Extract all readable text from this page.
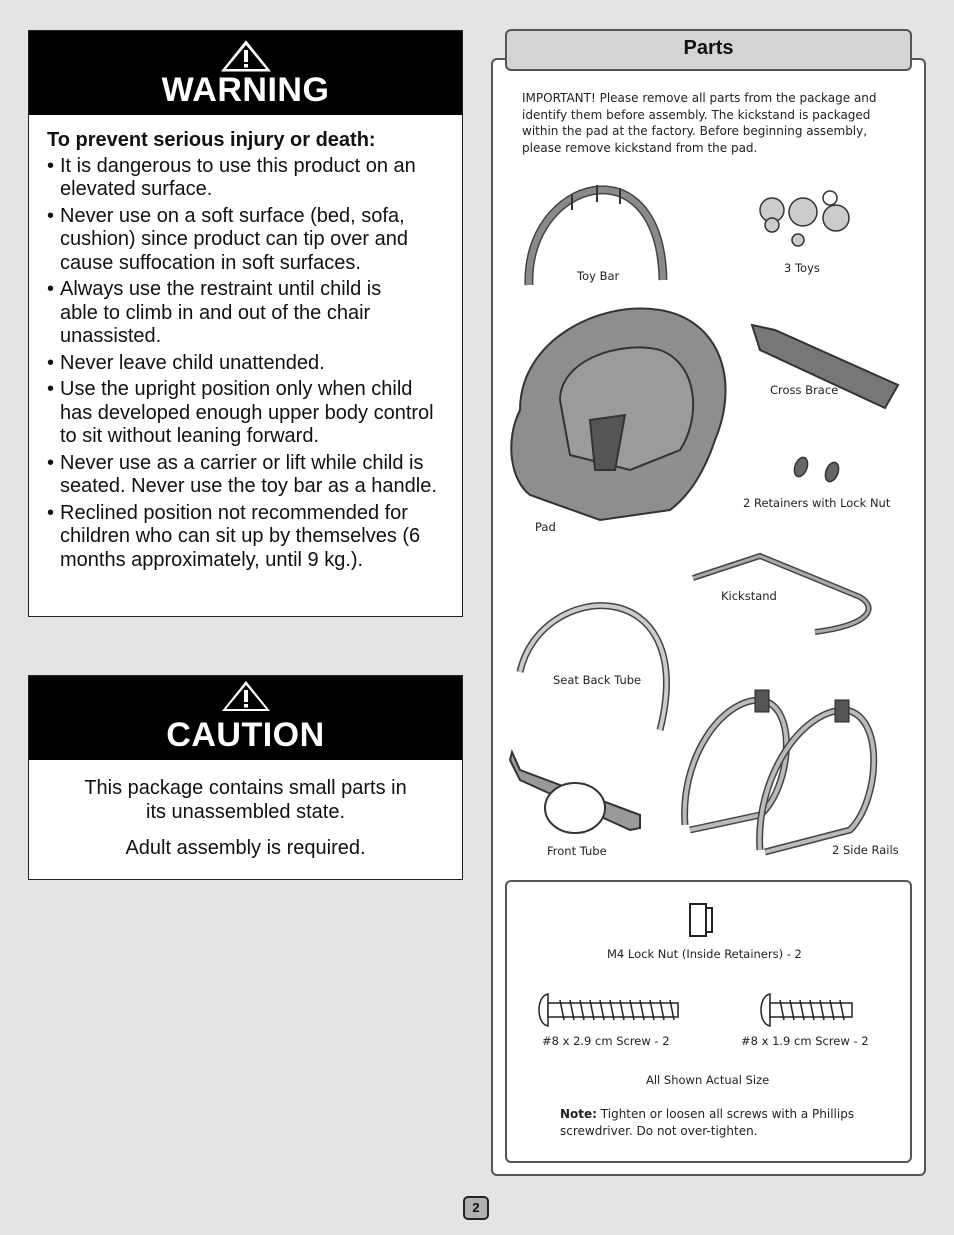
WARNING
To prevent serious injury or death:
• It is dangerous to use this product on an elevated surface.
• Never use on a soft surface (bed, sofa, cushion) since product can tip over and cause suffocation in soft surfaces.
• Always use the restraint until child is able to climb in and out of the chair unassisted.
• Never leave child unattended.
• Use the upright position only when child has developed enough upper body control to sit without leaning forward.
• Never use as a carrier or lift while child is seated. Never use the toy bar as a handle.
• Reclined position not recommended for children who can sit up by themselves (6 months approximately, until 9 kg.).
CAUTION
This package contains small parts in its unassembled state.
Adult assembly is required.
Parts
IMPORTANT! Please remove all parts from the package and identify them before assembly. The kickstand is packaged within the pad at the factory. Before beginning assembly, please remove kickstand from the pad.
Toy Bar
3 Toys
Cross Brace
2 Retainers with Lock Nut
Pad
Kickstand
Seat Back Tube
Front Tube	2 Side Rails
M4 Lock Nut (Inside Retainers) - 2
#8 x 2.9 cm Screw - 2	#8 x 1.9 cm Screw - 2
All Shown Actual Size
Note: Tighten or loosen all screws with a Phillips screwdriver. Do not over-tighten.
2
